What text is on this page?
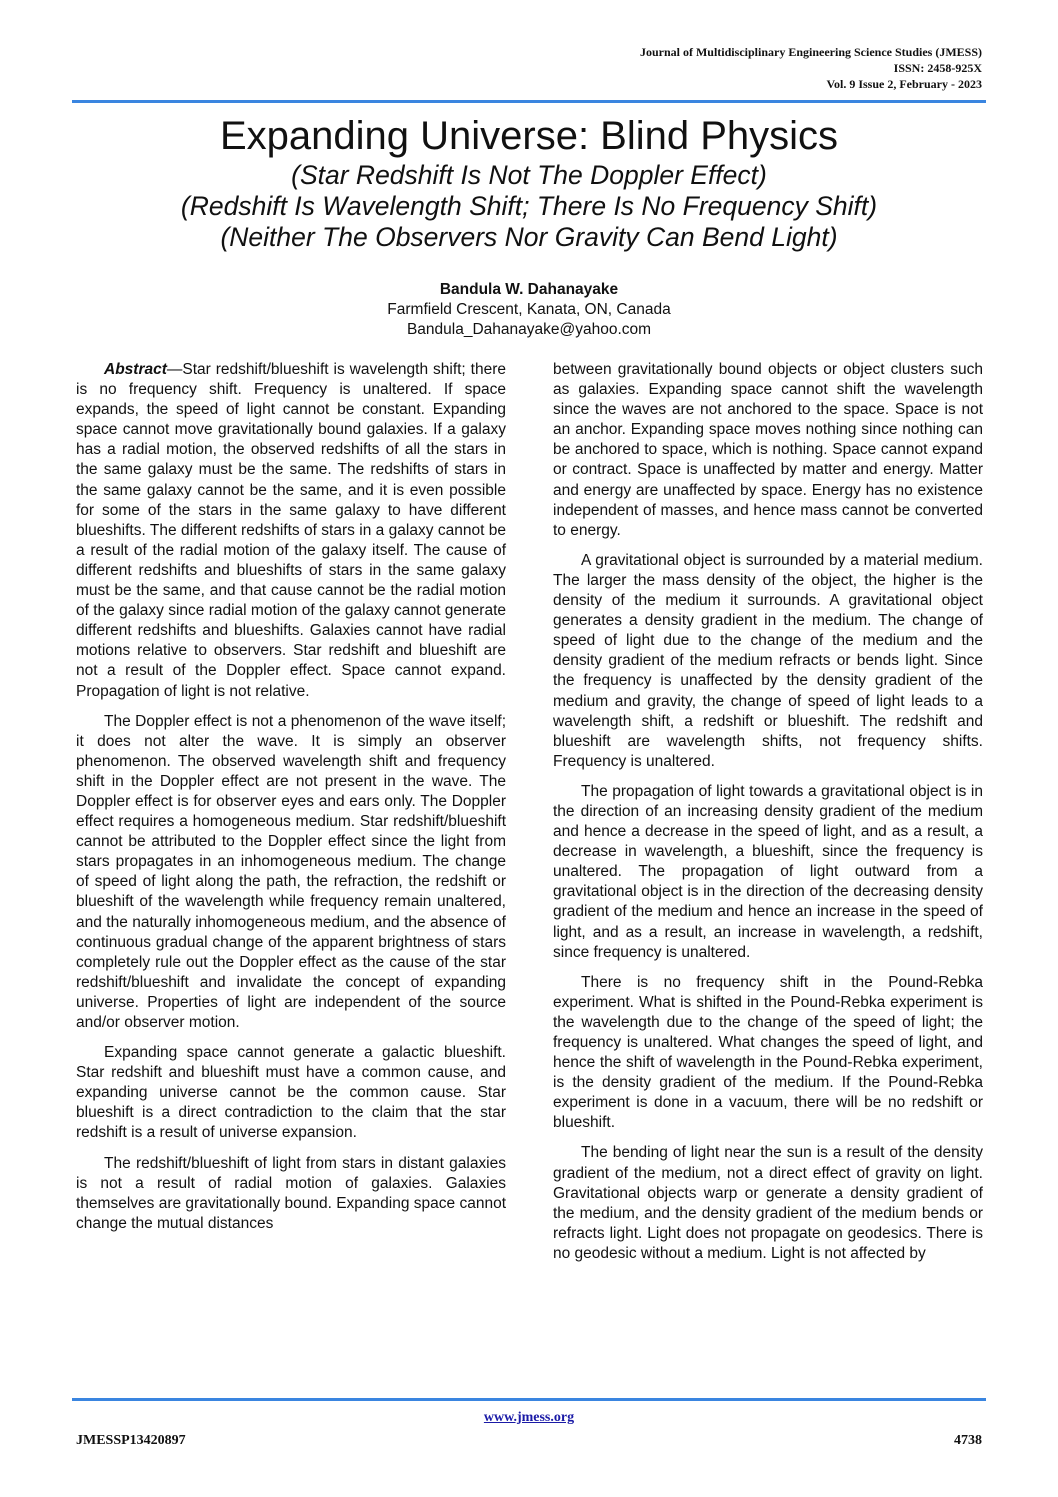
Journal of Multidisciplinary Engineering Science Studies (JMESS)
ISSN: 2458-925X
Vol. 9 Issue 2, February - 2023
Expanding Universe: Blind Physics

(Star Redshift Is Not The Doppler Effect)

(Redshift Is Wavelength Shift; There Is No Frequency Shift)

(Neither The Observers Nor Gravity Can Bend Light)

Bandula W. Dahanayake
Farmfield Crescent, Kanata, ON, Canada
Bandula_Dahanayake@yahoo.com

Abstract—Star redshift/blueshift is wavelength shift; there is no frequency shift. Frequency is unaltered. If space expands, the speed of light cannot be constant. Expanding space cannot move gravitationally bound galaxies. If a galaxy has a radial motion, the observed redshifts of all the stars in the same galaxy must be the same. The redshifts of stars in the same galaxy cannot be the same, and it is even possible for some of the stars in the same galaxy to have different blueshifts. The different redshifts of stars in a galaxy cannot be a result of the radial motion of the galaxy itself. The cause of different redshifts and blueshifts of stars in the same galaxy must be the same, and that cause cannot be the radial motion of the galaxy since radial motion of the galaxy cannot generate different redshifts and blueshifts. Galaxies cannot have radial motions relative to observers. Star redshift and blueshift are not a result of the Doppler effect. Space cannot expand. Propagation of light is not relative.

The Doppler effect is not a phenomenon of the wave itself; it does not alter the wave. It is simply an observer phenomenon. The observed wavelength shift and frequency shift in the Doppler effect are not present in the wave. The Doppler effect is for observer eyes and ears only. The Doppler effect requires a homogeneous medium. Star redshift/blueshift cannot be attributed to the Doppler effect since the light from stars propagates in an inhomogeneous medium. The change of speed of light along the path, the refraction, the redshift or blueshift of the wavelength while frequency remain unaltered, and the naturally inhomogeneous medium, and the absence of continuous gradual change of the apparent brightness of stars completely rule out the Doppler effect as the cause of the star redshift/blueshift and invalidate the concept of expanding universe. Properties of light are independent of the source and/or observer motion.

Expanding space cannot generate a galactic blueshift. Star redshift and blueshift must have a common cause, and expanding universe cannot be the common cause. Star blueshift is a direct contradiction to the claim that the star redshift is a result of universe expansion.

The redshift/blueshift of light from stars in distant galaxies is not a result of radial motion of galaxies. Galaxies themselves are gravitationally bound. Expanding space cannot change the mutual distances

between gravitationally bound objects or object clusters such as galaxies. Expanding space cannot shift the wavelength since the waves are not anchored to the space. Space is not an anchor. Expanding space moves nothing since nothing can be anchored to space, which is nothing. Space cannot expand or contract. Space is unaffected by matter and energy. Matter and energy are unaffected by space. Energy has no existence independent of masses, and hence mass cannot be converted to energy.

A gravitational object is surrounded by a material medium. The larger the mass density of the object, the higher is the density of the medium it surrounds. A gravitational object generates a density gradient in the medium. The change of speed of light due to the change of the medium and the density gradient of the medium refracts or bends light. Since the frequency is unaffected by the density gradient of the medium and gravity, the change of speed of light leads to a wavelength shift, a redshift or blueshift. The redshift and blueshift are wavelength shifts, not frequency shifts. Frequency is unaltered.

The propagation of light towards a gravitational object is in the direction of an increasing density gradient of the medium and hence a decrease in the speed of light, and as a result, a decrease in wavelength, a blueshift, since the frequency is unaltered. The propagation of light outward from a gravitational object is in the direction of the decreasing density gradient of the medium and hence an increase in the speed of light, and as a result, an increase in wavelength, a redshift, since frequency is unaltered.

There is no frequency shift in the Pound-Rebka experiment. What is shifted in the Pound-Rebka experiment is the wavelength due to the change of the speed of light; the frequency is unaltered. What changes the speed of light, and hence the shift of wavelength in the Pound-Rebka experiment, is the density gradient of the medium. If the Pound-Rebka experiment is done in a vacuum, there will be no redshift or blueshift.

The bending of light near the sun is a result of the density gradient of the medium, not a direct effect of gravity on light. Gravitational objects warp or generate a density gradient of the medium, and the density gradient of the medium bends or refracts light. Light does not propagate on geodesics. There is no geodesic without a medium. Light is not affected by

www.jmess.org
JMESSP13420897	4738
